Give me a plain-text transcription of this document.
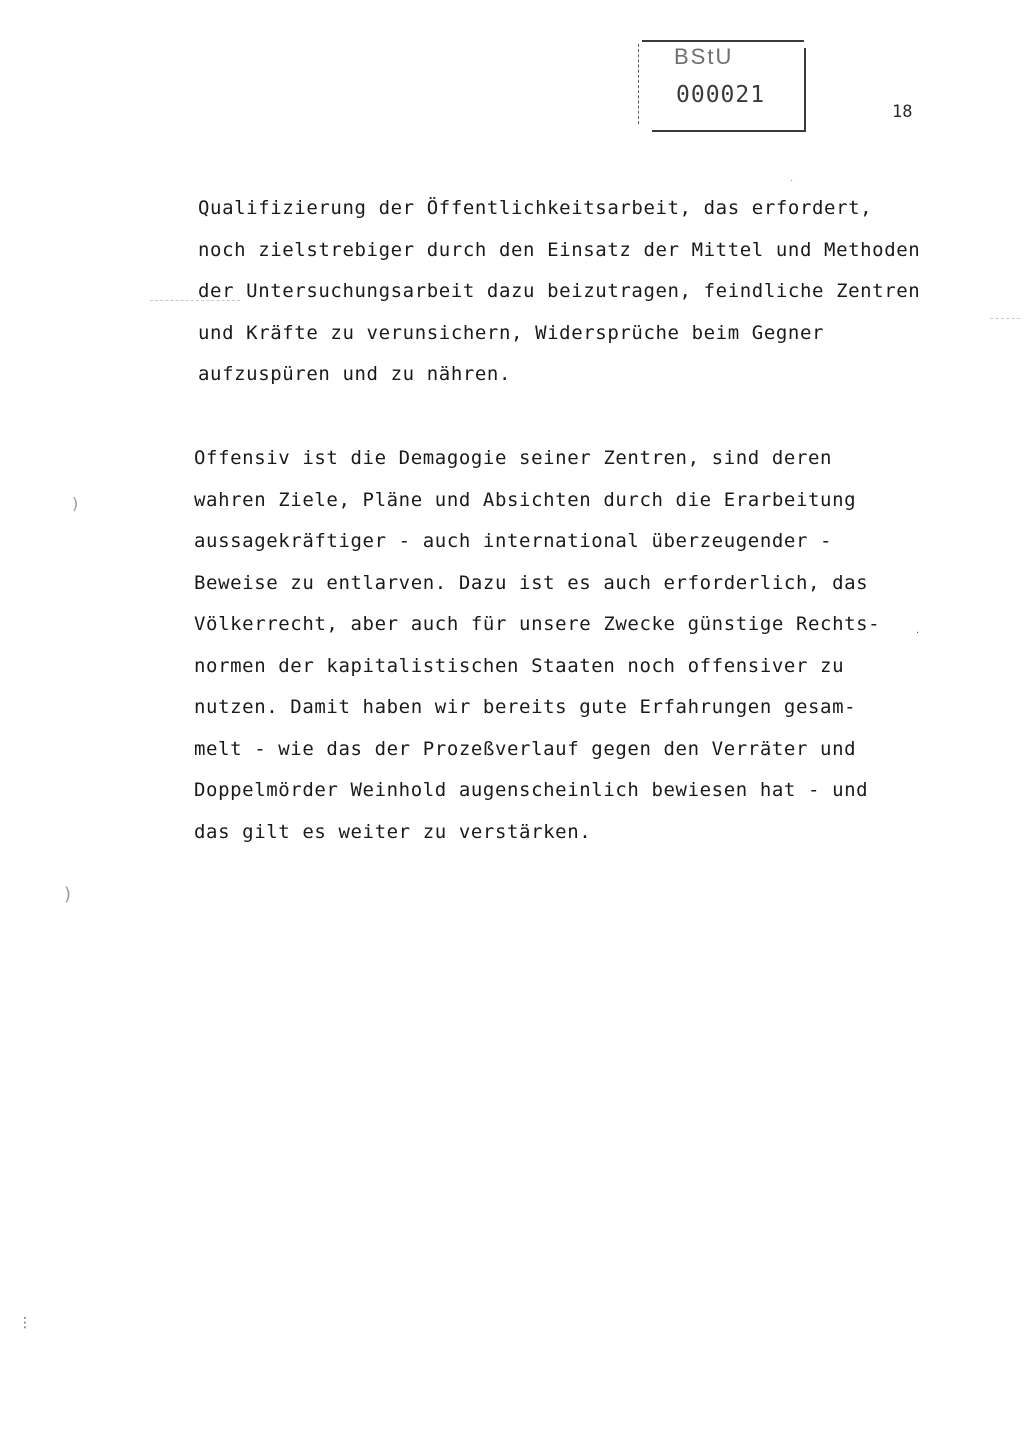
BStU
000021
18
Qualifizierung der Öffentlichkeitsarbeit, das erfordert,
noch zielstrebiger durch den Einsatz der Mittel und Methoden
der Untersuchungsarbeit dazu beizutragen, feindliche Zentren
und Kräfte zu verunsichern, Widersprüche beim Gegner
aufzuspüren und zu nähren.
Offensiv ist die Demagogie seiner Zentren, sind deren
wahren Ziele, Pläne und Absichten durch die Erarbeitung
aussagekräftiger - auch international überzeugender -
Beweise zu entlarven. Dazu ist es auch erforderlich, das
Völkerrecht, aber auch für unsere Zwecke günstige Rechts-
normen der kapitalistischen Staaten noch offensiver zu
nutzen. Damit haben wir bereits gute Erfahrungen gesam-
melt - wie das der Prozeßverlauf gegen den Verräter und
Doppelmörder Weinhold augenscheinlich bewiesen hat - und
das gilt es weiter zu verstärken.
)
)
⋮
·
·
